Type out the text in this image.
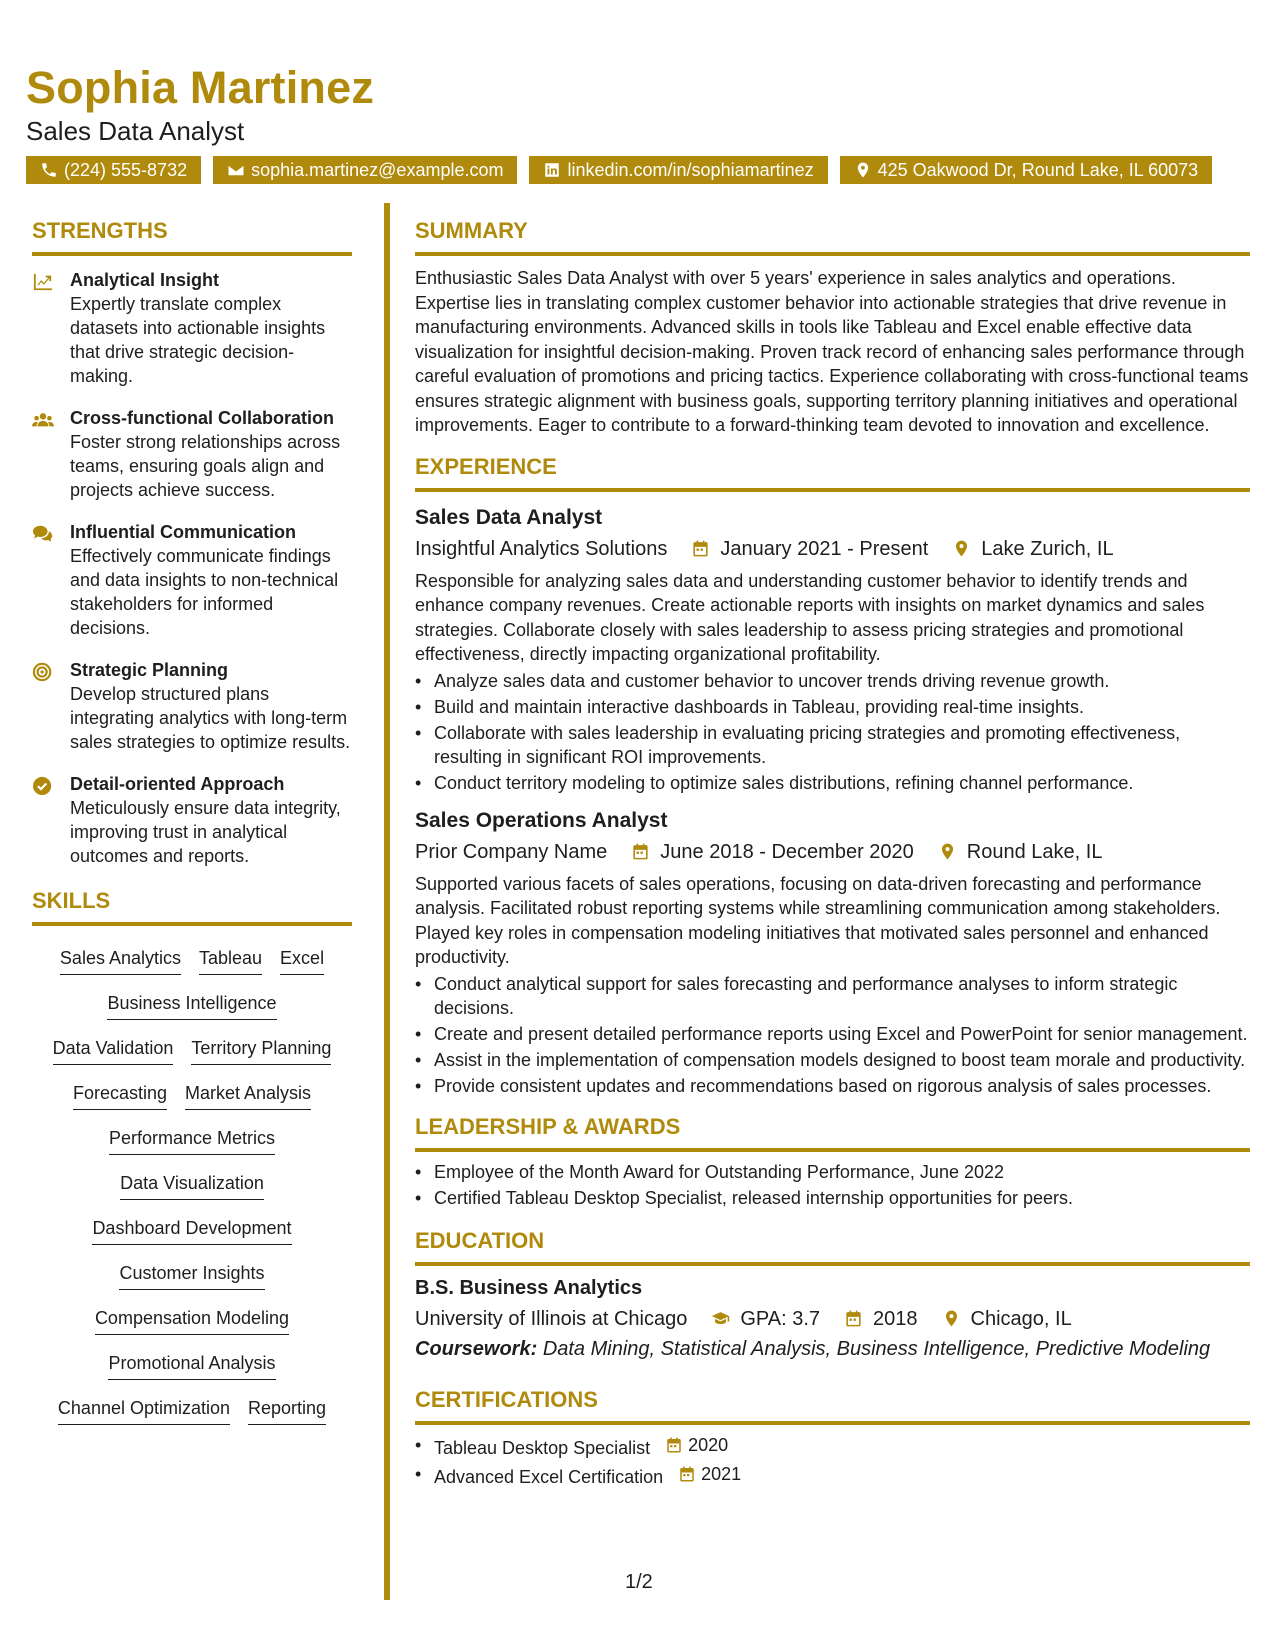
Sophia Martinez
Sales Data Analyst
(224) 555-8732	sophia.martinez@example.com	linkedin.com/in/sophiamartinez	425 Oakwood Dr, Round Lake, IL 60073
STRENGTHS
Analytical Insight
Expertly translate complex datasets into actionable insights that drive strategic decision-making.
Cross-functional Collaboration
Foster strong relationships across teams, ensuring goals align and projects achieve success.
Influential Communication
Effectively communicate findings and data insights to non-technical stakeholders for informed decisions.
Strategic Planning
Develop structured plans integrating analytics with long-term sales strategies to optimize results.
Detail-oriented Approach
Meticulously ensure data integrity, improving trust in analytical outcomes and reports.
SKILLS
Sales Analytics Tableau Excel
Business Intelligence
Data Validation Territory Planning
Forecasting Market Analysis
Performance Metrics
Data Visualization
Dashboard Development
Customer Insights
Compensation Modeling
Promotional Analysis
Channel Optimization Reporting
SUMMARY
Enthusiastic Sales Data Analyst with over 5 years' experience in sales analytics and operations. Expertise lies in translating complex customer behavior into actionable strategies that drive revenue in manufacturing environments. Advanced skills in tools like Tableau and Excel enable effective data visualization for insightful decision-making. Proven track record of enhancing sales performance through careful evaluation of promotions and pricing tactics. Experience collaborating with cross-functional teams ensures strategic alignment with business goals, supporting territory planning initiatives and operational improvements. Eager to contribute to a forward-thinking team devoted to innovation and excellence.
EXPERIENCE
Sales Data Analyst
Insightful Analytics Solutions	January 2021 - Present	Lake Zurich, IL
Responsible for analyzing sales data and understanding customer behavior to identify trends and enhance company revenues. Create actionable reports with insights on market dynamics and sales strategies. Collaborate closely with sales leadership to assess pricing strategies and promotional effectiveness, directly impacting organizational profitability.
• Analyze sales data and customer behavior to uncover trends driving revenue growth.
• Build and maintain interactive dashboards in Tableau, providing real-time insights.
• Collaborate with sales leadership in evaluating pricing strategies and promoting effectiveness, resulting in significant ROI improvements.
• Conduct territory modeling to optimize sales distributions, refining channel performance.
Sales Operations Analyst
Prior Company Name	June 2018 - December 2020	Round Lake, IL
Supported various facets of sales operations, focusing on data-driven forecasting and performance analysis. Facilitated robust reporting systems while streamlining communication among stakeholders. Played key roles in compensation modeling initiatives that motivated sales personnel and enhanced productivity.
• Conduct analytical support for sales forecasting and performance analyses to inform strategic decisions.
• Create and present detailed performance reports using Excel and PowerPoint for senior management.
• Assist in the implementation of compensation models designed to boost team morale and productivity.
• Provide consistent updates and recommendations based on rigorous analysis of sales processes.
LEADERSHIP & AWARDS
• Employee of the Month Award for Outstanding Performance, June 2022
• Certified Tableau Desktop Specialist, released internship opportunities for peers.
EDUCATION
B.S. Business Analytics
University of Illinois at Chicago	GPA: 3.7	2018	Chicago, IL
Coursework: Data Mining, Statistical Analysis, Business Intelligence, Predictive Modeling
CERTIFICATIONS
• Tableau Desktop Specialist 2020
• Advanced Excel Certification 2021
1/2
